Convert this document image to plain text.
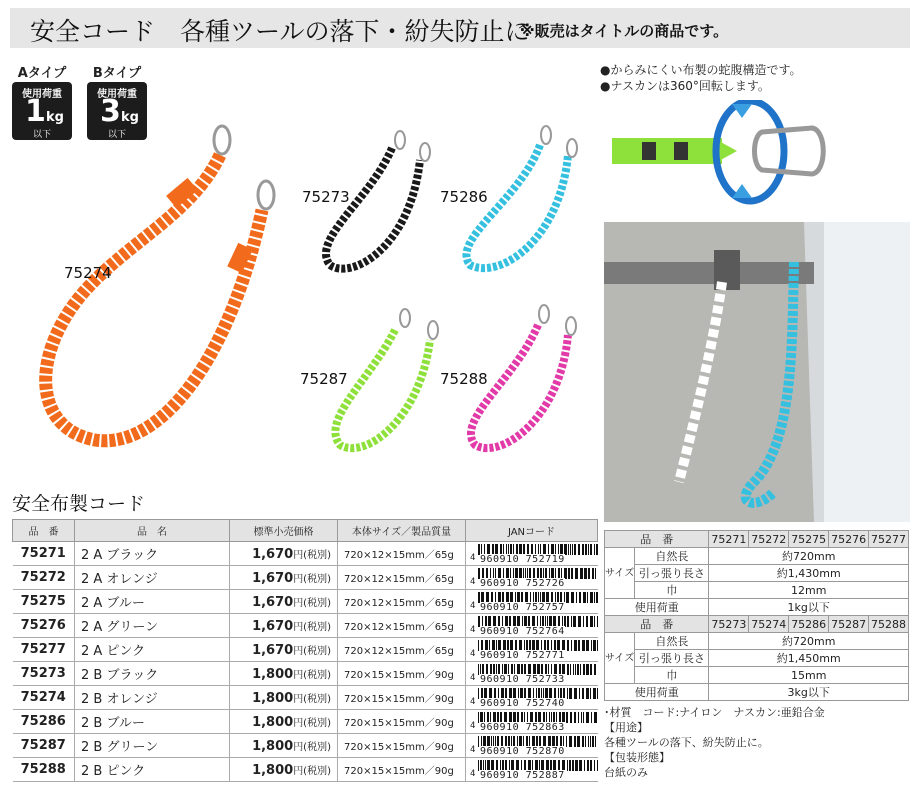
安全コード　各種ツールの落下・紛失防止に
※販売はタイトルの商品です。
Aタイプ
使用荷重
1 kg
以下
Bタイプ
使用荷重
3 kg
以下
75274
75273	75286
75287	75288
●からみにくい布製の蛇腹構造です。
●ナスカンは360°回転します。
安全布製コード
品　番	品　名	標準小売価格	本体サイズ／製品質量	JANコード
75271	2 A ブラック	1,670円(税別)	720×12×15mm／65g	4 960910 752719

75272	2 A オレンジ	1,670円(税別)	720×12×15mm／65g	4 960910 752726

75275	2 A ブルー	1,670円(税別)	720×12×15mm／65g	4 960910 752757

75276	2 A グリーン	1,670円(税別)	720×12×15mm／65g	4 960910 752764

75277	2 A ピンク	1,670円(税別)	720×12×15mm／65g	4 960910 752771

75273	2 B ブラック	1,800円(税別)	720×15×15mm／90g	4 960910 752733

75274	2 B オレンジ	1,800円(税別)	720×15×15mm／90g	4 960910 752740

75286	2 B ブルー	1,800円(税別)	720×15×15mm／90g	4 960910 752863

75287	2 B グリーン	1,800円(税別)	720×15×15mm／90g	4 960910 752870

75288	2 B ピンク	1,800円(税別)	720×15×15mm／90g	4 960910 752887
品　番		75271	75272	75275	75276	75277
サイズ	自然長	約720mm				
	引っ張り長さ	約1,430mm				
	巾	12mm				
使用荷重		1kg以下				
品　番		75273	75274	75286	75287	75288
サイズ	自然長	約720mm				
	引っ張り長さ	約1,450mm				
	巾	15mm				
使用荷重		3kg以下				
･材質　コード:ナイロン　ナスカン:亜鉛合金
【用途】
各種ツールの落下、紛失防止に。
【包装形態】
台紙のみ
